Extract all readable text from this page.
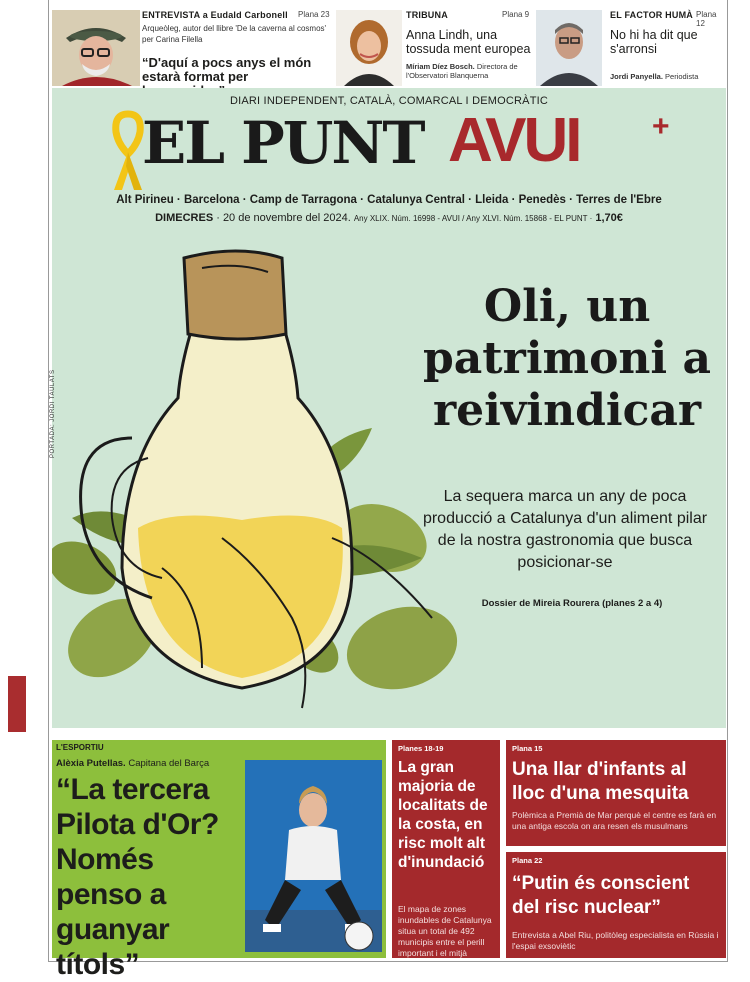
ENTREVISTA a Eudald Carbonell Plana 23
Arqueòleg, autor del llibre 'De la caverna al cosmos'
per Carina Filella
“D'aquí a pocs anys el món estarà format per
TRIBUNA	Plana 9
Anna Lindh, una tossuda ment europea
Míriam Díez Bosch. Directora de l'Observatori Blanquerna
EL FACTOR HUMÀ Plana 12
No hi ha dit que s'arronsi
Jordi Panyella. Periodista
DIARI INDEPENDENT, CATALÀ, COMARCAL I DEMOCRÀTIC
EL PUNT AVUI +
Alt Pirineu · Barcelona · Camp de Tarragona · Catalunya Central · Lleida · Penedès · Terres de l'Ebre
DIMECRES · 20 de novembre del 2024. Any XLIX. Núm. 16998 - AVUI / Any XLVI. Núm. 15868 - EL PUNT · 1,70€
PORTADA: JORDI TAULATS
Oli, un
patrimoni a
reivindicar
La sequera marca un any de poca producció a Catalunya d'un aliment pilar de la nostra gastronomia que busca posicionar-se
Dossier de Mireia Rourera (planes 2 a 4)
L'ESPORTIU
Alèxia Putellas. Capitana del Barça
“La tercera Pilota d'Or? Només penso a guanyar títols”
Planes 18-19
La gran majoria de localitats de la costa, en risc molt alt d'inundació
El mapa de zones inundables de Catalunya situa un total de 492 municipis entre el perill important i el mitjà
Plana 15
Una llar d'infants al lloc d'una mesquita
Polèmica a Premià de Mar perquè el centre es farà en una antiga escola on ara resen els musulmans
Plana 22
“Putin és conscient del risc nuclear”
Entrevista a Abel Riu, politòleg especialista en Rússia i l'espai exsoviètic
